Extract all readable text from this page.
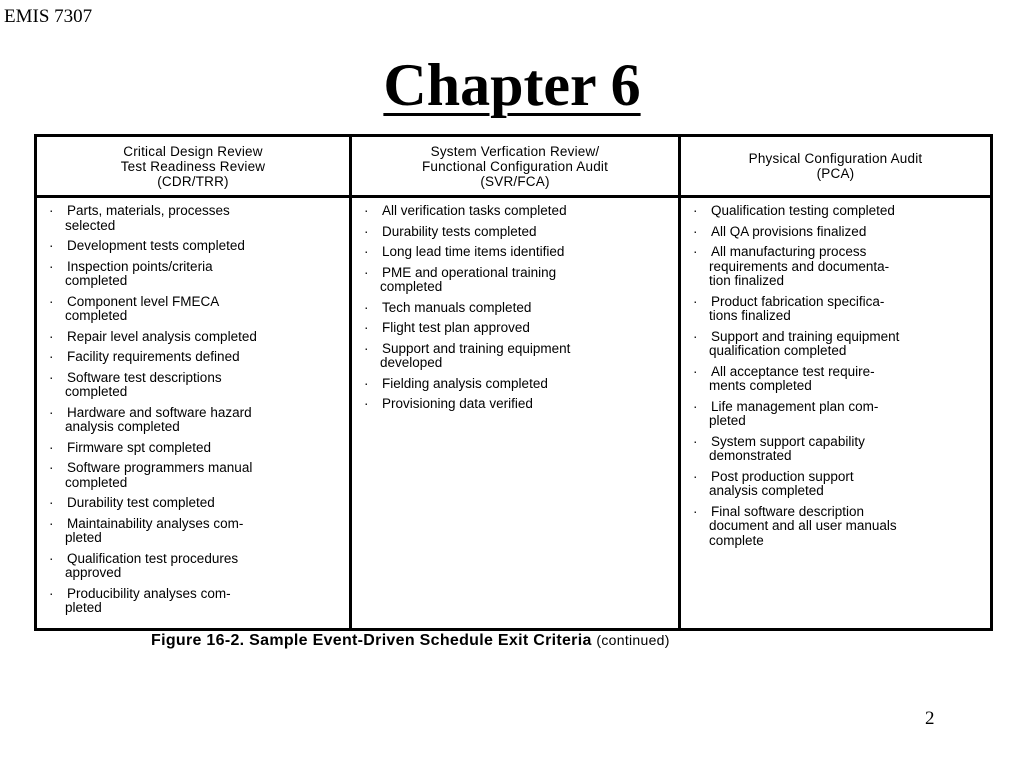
EMIS 7307
Chapter 6
Critical Design Review
Test Readiness Review
(CDR/TRR)
System Verfication Review/
Functional Configuration Audit
(SVR/FCA)
Physical Configuration Audit
(PCA)
· Parts, materials, processes
selected
· Development tests completed
· Inspection points/criteria
completed
· Component level FMECA
completed
· Repair level analysis completed
· Facility requirements defined
· Software test descriptions
completed
· Hardware and software hazard
analysis completed
· Firmware spt completed
· Software programmers manual
completed
· Durability test completed
· Maintainability analyses com-
pleted
· Qualification test procedures
approved
· Producibility analyses com-
pleted
· All verification tasks completed
· Durability tests completed
· Long lead time items identified
· PME and operational training
completed
· Tech manuals completed
· Flight test plan approved
· Support and training equipment
developed
· Fielding analysis completed
· Provisioning data verified
· Qualification testing completed
· All QA provisions finalized
· All manufacturing process
requirements and documenta-
tion finalized
· Product fabrication specifica-
tions finalized
· Support and training equipment
qualification completed
· All acceptance test require-
ments completed
· Life management plan com-
pleted
· System support capability
demonstrated
· Post production support
analysis completed
· Final software description
document and all user manuals
complete
Figure 16-2. Sample Event-Driven Schedule Exit Criteria (continued)
2
